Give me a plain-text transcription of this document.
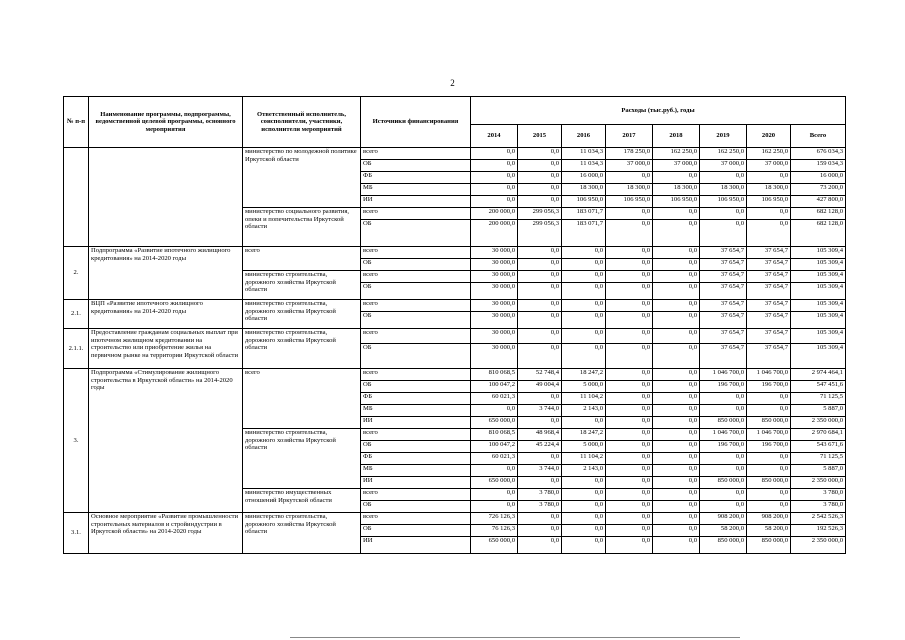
2
№ п-п	Наименование программы, подпрограммы, ведомственной целевой программы, основного мероприятия	Ответственный исполнитель, соисполнители, участники, исполнители мероприятий	Источники финансирования	Расходы (тыс.руб.), годы							
				2014	2015	2016	2017	2018	2019	2020	Всего
		министерство по молодежной политике Иркутской области	всего	0,0	0,0	11 034,3	178 250,0	162 250,0	162 250,0	162 250,0	676 034,3
			ОБ	0,0	0,0	11 034,3	37 000,0	37 000,0	37 000,0	37 000,0	159 034,3
			ФБ	0,0	0,0	16 000,0	0,0	0,0	0,0	0,0	16 000,0
			МБ	0,0	0,0	18 300,0	18 300,0	18 300,0	18 300,0	18 300,0	73 200,0
			ИИ	0,0	0,0	106 950,0	106 950,0	106 950,0	106 950,0	106 950,0	427 800,0
		министерство социального развития, опеки и попечительства Иркутской области	всего	200 000,0	299 056,3	183 071,7	0,0	0,0	0,0	0,0	682 128,0
			ОБ	200 000,0	299 056,3	183 071,7	0,0	0,0	0,0	0,0	682 128,0
2.	Подпрограмма «Развитие ипотечного жилищного кредитования» на 2014-2020 годы	всего	всего	30 000,0	0,0	0,0	0,0	0,0	37 654,7	37 654,7	105 309,4
			ОБ	30 000,0	0,0	0,0	0,0	0,0	37 654,7	37 654,7	105 309,4
		министерство строительства, дорожного хозяйства Иркутской области	всего	30 000,0	0,0	0,0	0,0	0,0	37 654,7	37 654,7	105 309,4
			ОБ	30 000,0	0,0	0,0	0,0	0,0	37 654,7	37 654,7	105 309,4
2.1.	ВЦП «Развитие ипотечного жилищного кредитования» на 2014-2020 годы	министерство строительства, дорожного хозяйства Иркутской области	всего	30 000,0	0,0	0,0	0,0	0,0	37 654,7	37 654,7	105 309,4
			ОБ	30 000,0	0,0	0,0	0,0	0,0	37 654,7	37 654,7	105 309,4
2.1.1.	Предоставление гражданам социальных выплат при ипотечном жилищном кредитовании на строительство или приобретение жилья на первичном рынке на территории Иркутской области	министерство строительства, дорожного хозяйства Иркутской области	всего	30 000,0	0,0	0,0	0,0	0,0	37 654,7	37 654,7	105 309,4
			ОБ	30 000,0	0,0	0,0	0,0	0,0	37 654,7	37 654,7	105 309,4
3.	Подпрограмма «Стимулирование жилищного строительства в Иркутской области» на 2014-2020 годы	всего	всего	810 068,5	52 748,4	18 247,2	0,0	0,0	1 046 700,0	1 046 700,0	2 974 464,1
			ОБ	100 047,2	49 004,4	5 000,0	0,0	0,0	196 700,0	196 700,0	547 451,6
			ФБ	60 021,3	0,0	11 104,2	0,0	0,0	0,0	0,0	71 125,5
			МБ	0,0	3 744,0	2 143,0	0,0	0,0	0,0	0,0	5 887,0
			ИИ	650 000,0	0,0	0,0	0,0	0,0	850 000,0	850 000,0	2 350 000,0
		министерство строительства, дорожного хозяйства Иркутской области	всего	810 068,5	48 968,4	18 247,2	0,0	0,0	1 046 700,0	1 046 700,0	2 970 684,1
			ОБ	100 047,2	45 224,4	5 000,0	0,0	0,0	196 700,0	196 700,0	543 671,6
			ФБ	60 021,3	0,0	11 104,2	0,0	0,0	0,0	0,0	71 125,5
			МБ	0,0	3 744,0	2 143,0	0,0	0,0	0,0	0,0	5 887,0
			ИИ	650 000,0	0,0	0,0	0,0	0,0	850 000,0	850 000,0	2 350 000,0
		министерство имущественных отношений Иркутской области	всего	0,0	3 780,0	0,0	0,0	0,0	0,0	0,0	3 780,0
			ОБ	0,0	3 780,0	0,0	0,0	0,0	0,0	0,0	3 780,0
3.1.	Основное мероприятие «Развитие промышленности строительных материалов и стройиндустрии в Иркутской области» на 2014-2020 годы	министерство строительства, дорожного хозяйства Иркутской области	всего	726 126,3	0,0	0,0	0,0	0,0	908 200,0	908 200,0	2 542 526,3
			ОБ	76 126,3	0,0	0,0	0,0	0,0	58 200,0	58 200,0	192 526,3
			ИИ	650 000,0	0,0	0,0	0,0	0,0	850 000,0	850 000,0	2 350 000,0
